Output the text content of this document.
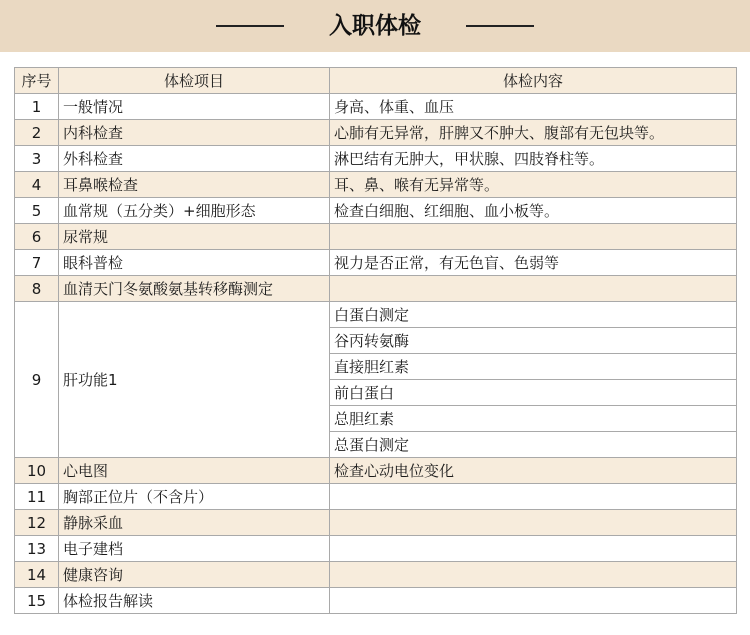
入职体检
序号	体检项目	体检内容
1	一般情况	身高、体重、血压
2	内科检查	心肺有无异常，肝脾又不肿大、腹部有无包块等。
3	外科检查	淋巴结有无肿大，甲状腺、四肢脊柱等。
4	耳鼻喉检查	耳、鼻、喉有无异常等。
5	血常规（五分类）+细胞形态	检查白细胞、红细胞、血小板等。
6	尿常规	
7	眼科普检	视力是否正常，有无色盲、色弱等
8	血清天门冬氨酸氨基转移酶测定	
9	肝功能1	白蛋白测定
		谷丙转氨酶
		直接胆红素
		前白蛋白
		总胆红素
		总蛋白测定
10	心电图	检查心动电位变化
11	胸部正位片（不含片）	
12	静脉采血	
13	电子建档	
14	健康咨询	
15	体检报告解读	
